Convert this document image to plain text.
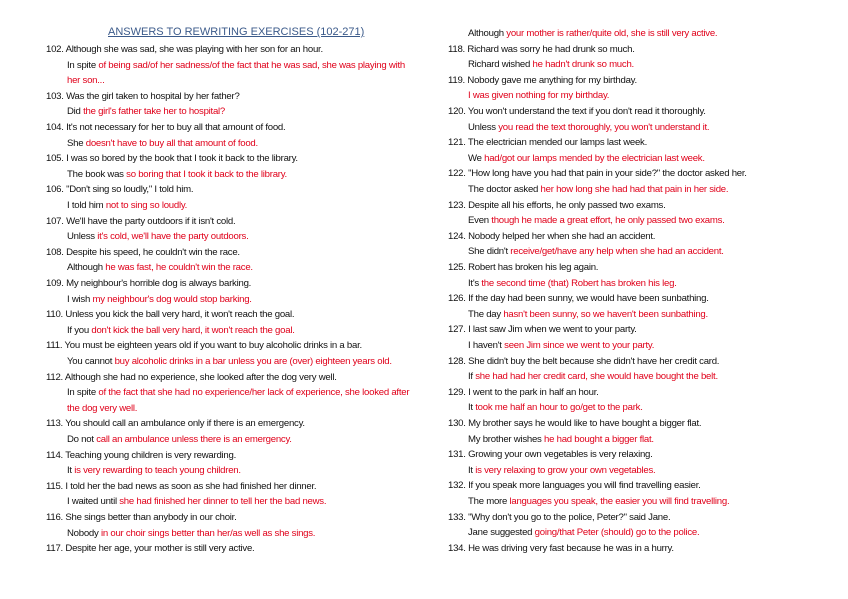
ANSWERS TO REWRITING EXERCISES (102-271)
102. Although she was sad, she was playing with her son for an hour.
In spite of being sad/of her sadness/of the fact that he was sad, she was playing with
her son...
103. Was the girl taken to hospital by her father?
Did the girl's father take her to hospital?
104. It's not necessary for her to buy all that amount of food.
She doesn't have to buy all that amount of food.
105. I was so bored by the book that I took it back to the library.
The book was so boring that I took it back to the library.
106. "Don't sing so loudly," I told him.
I told him not to sing so loudly.
107. We'll have the party outdoors if it isn't cold.
Unless it's cold, we'll have the party outdoors.
108. Despite his speed, he couldn't win the race.
Although he was fast, he couldn't win the race.
109. My neighbour's horrible dog is always barking.
I wish my neighbour's dog would stop barking.
110. Unless you kick the ball very hard, it won't reach the goal.
If you don't kick the ball very hard, it won't reach the goal.
111. You must be eighteen years old if you want to buy alcoholic drinks in a bar.
You cannot buy alcoholic drinks in a bar unless you are (over) eighteen years old.
112. Although she had no experience, she looked after the dog very well.
In spite of the fact that she had no experience/her lack of experience, she looked after
the dog very well.
113. You should call an ambulance only if there is an emergency.
Do not call an ambulance unless there is an emergency.
114. Teaching young children is very rewarding.
It is very rewarding to teach young children.
115. I told her the bad news as soon as she had finished her dinner.
I waited until she had finished her dinner to tell her the bad news.
116. She sings better than anybody in our choir.
Nobody in our choir sings better than her/as well as she sings.
117. Despite her age, your mother is still very active.
Although your mother is rather/quite old, she is still very active.
118. Richard was sorry he had drunk so much.
Richard wished he hadn't drunk so much.
119. Nobody gave me anything for my birthday.
I was given nothing for my birthday.
120. You won't understand the text if you don't read it thoroughly.
Unless you read the text thoroughly, you won't understand it.
121. The electrician mended our lamps last week.
We had/got our lamps mended by the electrician last week.
122. "How long have you had that pain in your side?" the doctor asked her.
The doctor asked her how long she had had that pain in her side.
123. Despite all his efforts, he only passed two exams.
Even though he made a great effort, he only passed two exams.
124. Nobody helped her when she had an accident.
She didn't receive/get/have any help when she had an accident.
125. Robert has broken his leg again.
It's the second time (that) Robert has broken his leg.
126. If the day had been sunny, we would have been sunbathing.
The day hasn't been sunny, so we haven't been sunbathing.
127. I last saw Jim when we went to your party.
I haven't seen Jim since we went to your party.
128. She didn't buy the belt because she didn't have her credit card.
If she had had her credit card, she would have bought the belt.
129. I went to the park in half an hour.
It took me half an hour to go/get to the park.
130. My brother says he would like to have bought a bigger flat.
My brother wishes he had bought a bigger flat.
131. Growing your own vegetables is very relaxing.
It is very relaxing to grow your own vegetables.
132. If you speak more languages you will find travelling easier.
The more languages you speak, the easier you will find travelling.
133. "Why don't you go to the police, Peter?" said Jane.
Jane suggested going/that Peter (should) go to the police.
134. He was driving very fast because he was in a hurry.
